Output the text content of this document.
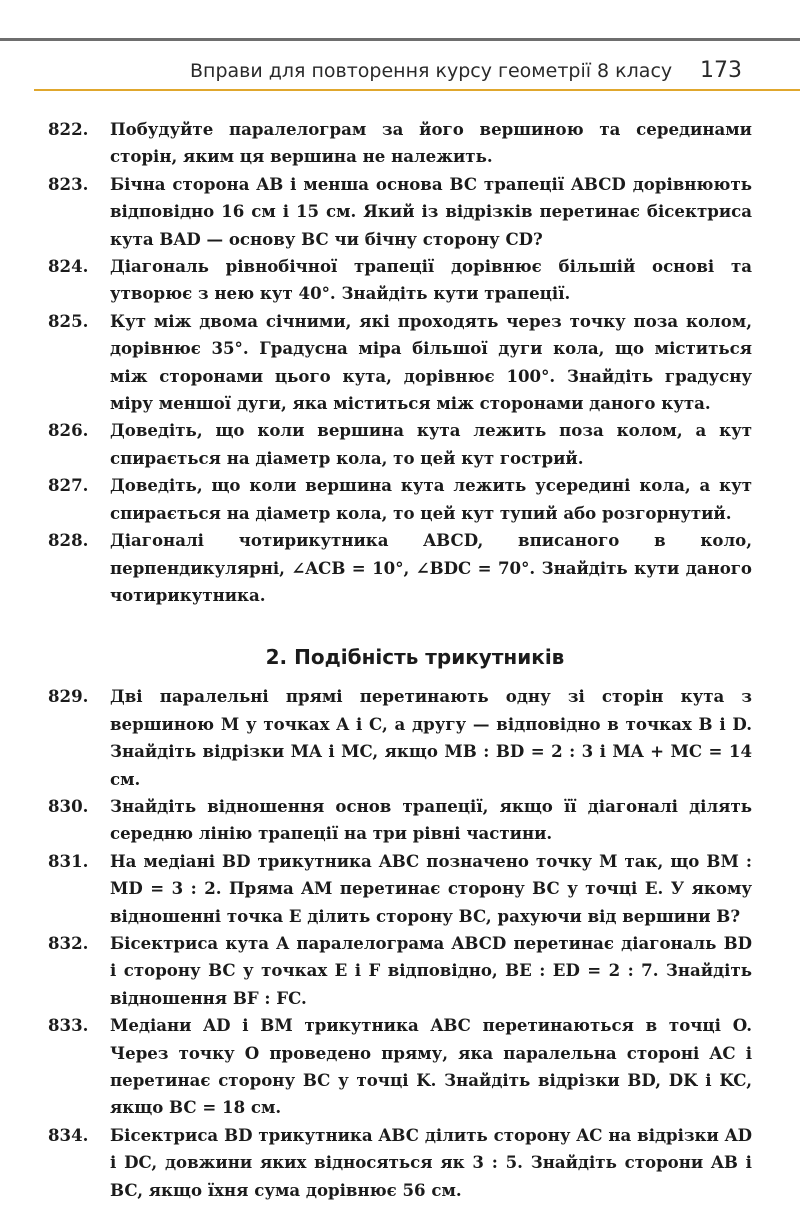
Вправи для повторення курсу геометрії 8 класу 173
822.	Побудуйте паралелограм за його вершиною та серединами сторін, яким ця вершина не належить.
823.	Бічна сторона AB і менша основа BC трапеції ABCD дорівнюють відповідно 16 см і 15 см. Який із відрізків перетинає бісектриса кута BAD — основу BC чи бічну сторону CD?
824.	Діагональ рівнобічної трапеції дорівнює більшій основі та утворює з нею кут 40°. Знайдіть кути трапеції.
825.	Кут між двома січними, які проходять через точку поза колом, дорівнює 35°. Градусна міра більшої дуги кола, що міститься між сторонами цього кута, дорівнює 100°. Знайдіть градусну міру меншої дуги, яка міститься між сторонами даного кута.
826.	Доведіть, що коли вершина кута лежить поза колом, а кут спирається на діаметр кола, то цей кут гострий.
827.	Доведіть, що коли вершина кута лежить усередині кола, а кут спирається на діаметр кола, то цей кут тупий або розгорнутий.
828.	Діагоналі чотирикутника ABCD, вписаного в коло, перпендикулярні, ∠ACB = 10°, ∠BDC = 70°. Знайдіть кути даного чотирикутника.
2. Подібність трикутників
829.	Дві паралельні прямі перетинають одну зі сторін кута з вершиною M у точках A і C, а другу — відповідно в точках B і D. Знайдіть відрізки MA і MC, якщо MB : BD = 2 : 3 і MA + MC = 14 см.
830.	Знайдіть відношення основ трапеції, якщо її діагоналі ділять середню лінію трапеції на три рівні частини.
831.	На медіані BD трикутника ABC позначено точку M так, що BM : MD = 3 : 2. Пряма AM перетинає сторону BC у точці E. У якому відношенні точка E ділить сторону BC, рахуючи від вершини B?
832.	Бісектриса кута A паралелограма ABCD перетинає діагональ BD і сторону BC у точках E і F відповідно, BE : ED = 2 : 7. Знайдіть відношення BF : FC.
833.	Медіани AD і BM трикутника ABC перетинаються в точці O. Через точку O проведено пряму, яка паралельна стороні AC і перетинає сторону BC у точці K. Знайдіть відрізки BD, DK і KC, якщо BC = 18 см.
834.	Бісектриса BD трикутника ABC ділить сторону AC на відрізки AD і DC, довжини яких відносяться як 3 : 5. Знайдіть сторони AB і BC, якщо їхня сума дорівнює 56 см.
